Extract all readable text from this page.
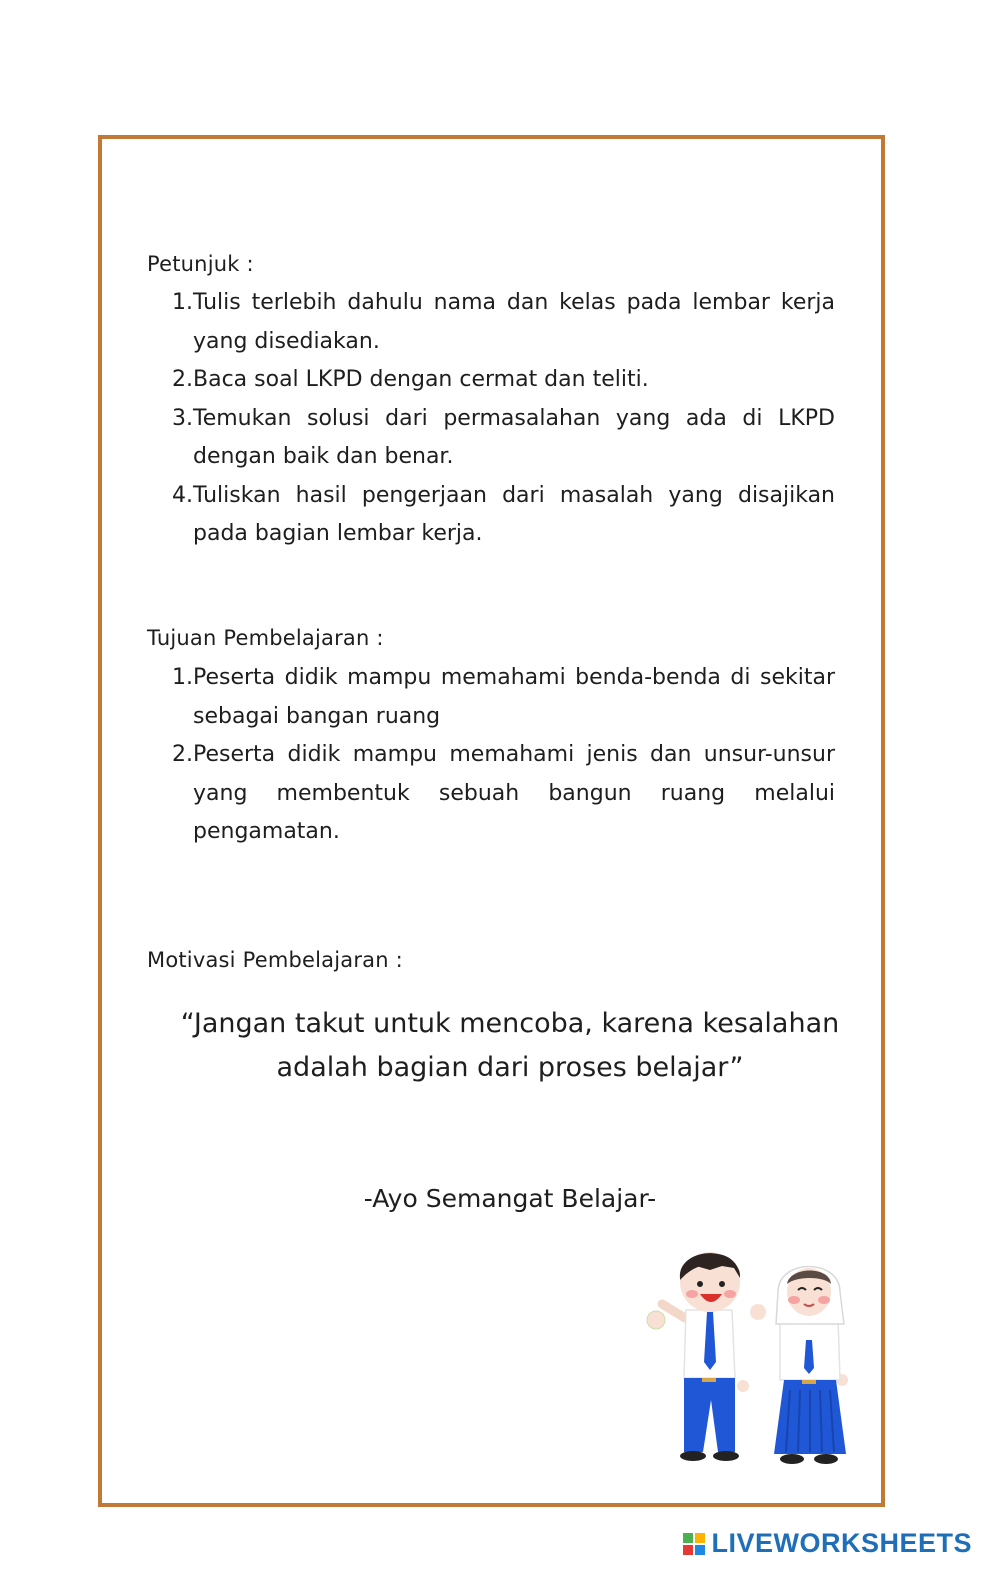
Petunjuk :
1. Tulis terlebih dahulu nama dan kelas pada lembar kerja yang disediakan.
2. Baca soal LKPD dengan cermat dan teliti.
3. Temukan solusi dari permasalahan yang ada di LKPD dengan baik dan benar.
4. Tuliskan hasil pengerjaan dari masalah yang disajikan pada bagian lembar kerja.
Tujuan Pembelajaran :
1. Peserta didik mampu memahami benda-benda di sekitar sebagai bangan ruang
2. Peserta didik mampu memahami jenis dan unsur-unsur
yang membentuk sebuah bangun ruang melalui
pengamatan.
Motivasi Pembelajaran :
“Jangan takut untuk mencoba, karena kesalahan
adalah bagian dari proses belajar”
-Ayo Semangat Belajar-
LIVEWORKSHEETS
